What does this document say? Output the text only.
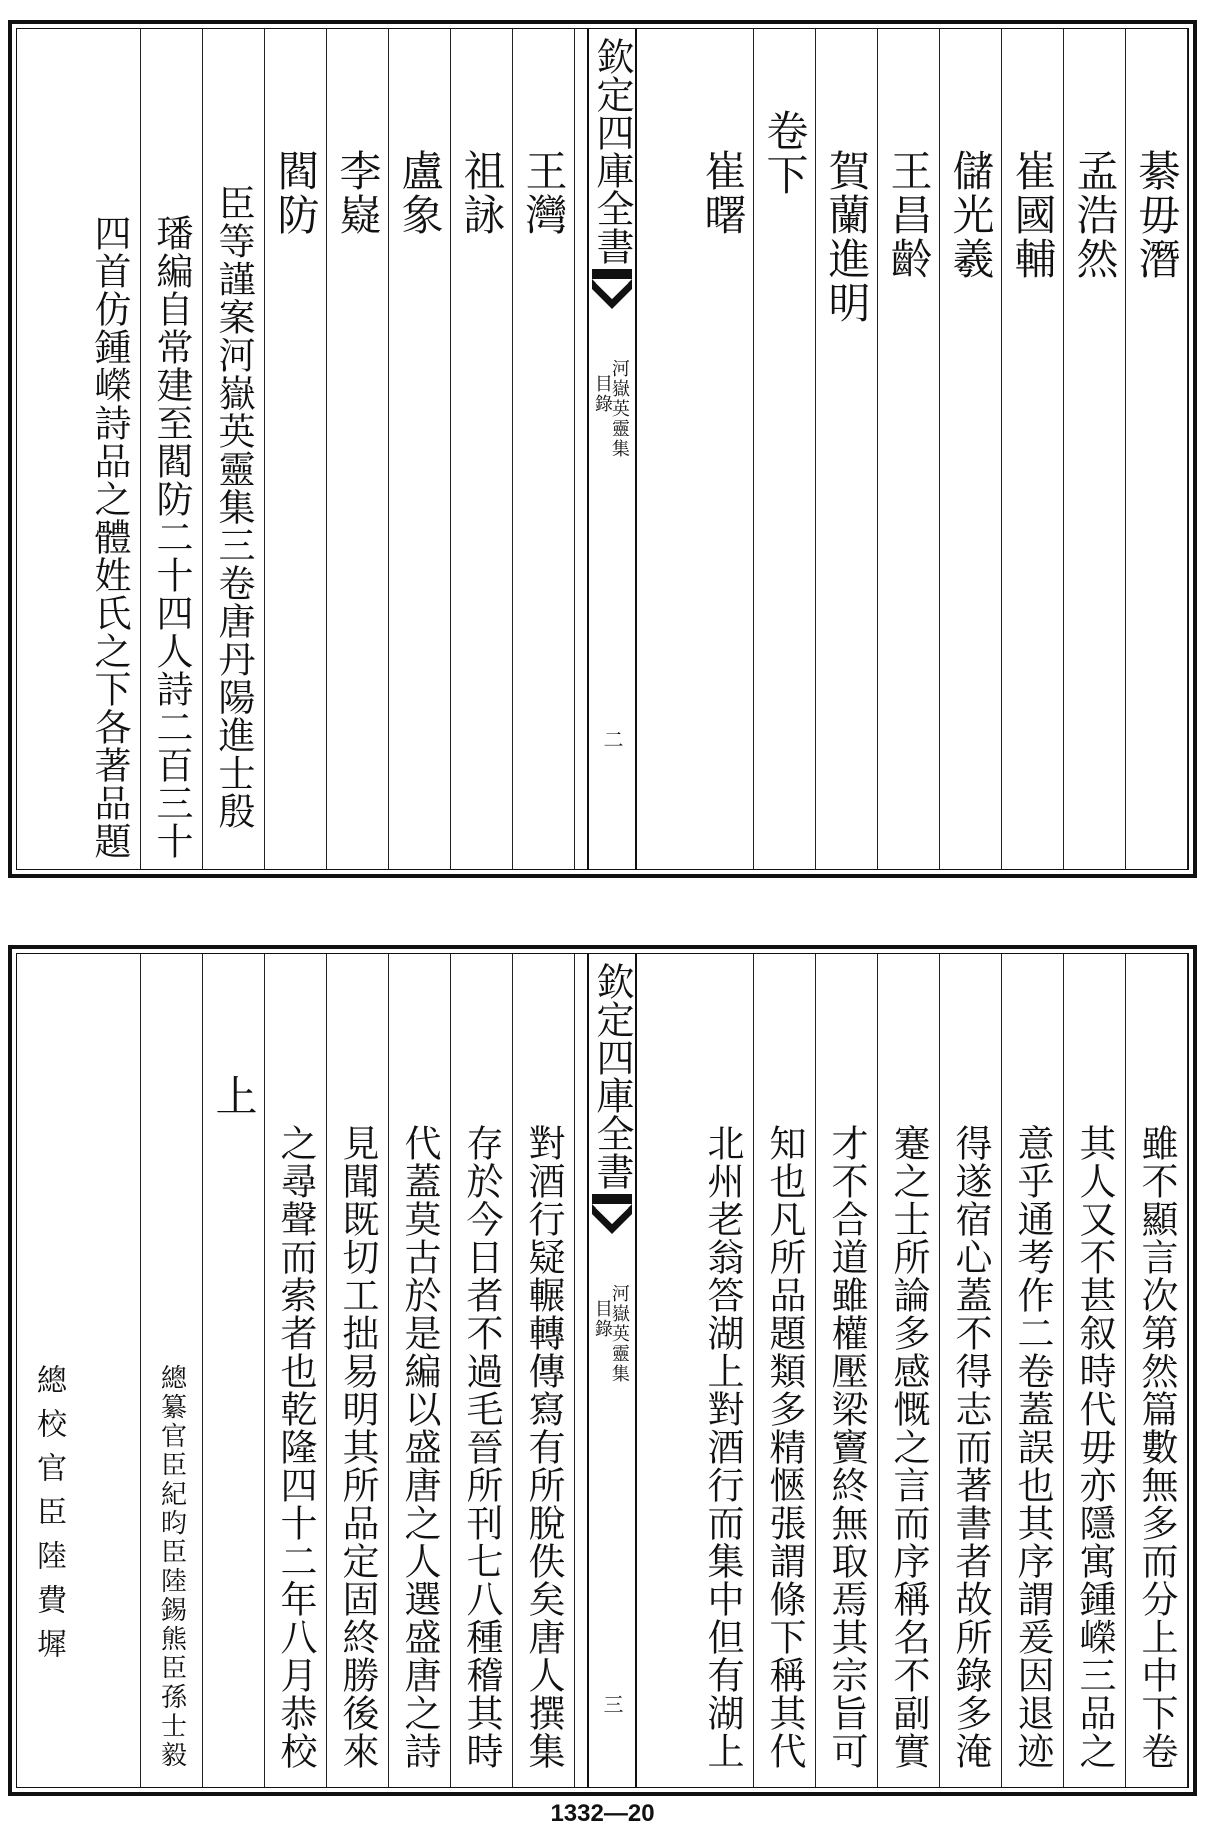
綦毋潛
孟浩然
崔國輔
儲光羲
王昌齡
賀蘭進明
卷下
崔曙
欽定四庫全書
河嶽英靈集
目錄
二
王灣
祖詠
盧象
李嶷
閻防
臣等謹案河嶽英靈集三卷唐丹陽進士殷
璠編自常建至閻防二十四人詩二百三十
四首仿鍾嶸詩品之體姓氏之下各著品題
雖不顯言次第然篇數無多而分上中下卷
其人又不甚叙時代毋亦隱寓鍾嶸三品之
意乎通考作二卷蓋誤也其序謂爰因退迹
得遂宿心蓋不得志而著書者故所錄多淹
蹇之士所論多感慨之言而序稱名不副實
才不合道雖權壓梁竇終無取焉其宗旨可
知也凡所品題類多精愜張謂條下稱其代
北州老翁答湖上對酒行而集中但有湖上
欽定四庫全書
河嶽英靈集
目錄
三
對酒行疑輾轉傳寫有所脫佚矣唐人撰集
存於今日者不過毛晉所刊七八種稽其時
代蓋莫古於是編以盛唐之人選盛唐之詩
見聞既切工拙易明其所品定固終勝後來
之尋聲而索者也乾隆四十二年八月恭校
上
總纂官臣紀昀臣陸錫熊臣孫士毅
總校官臣陸費墀
1332—20
